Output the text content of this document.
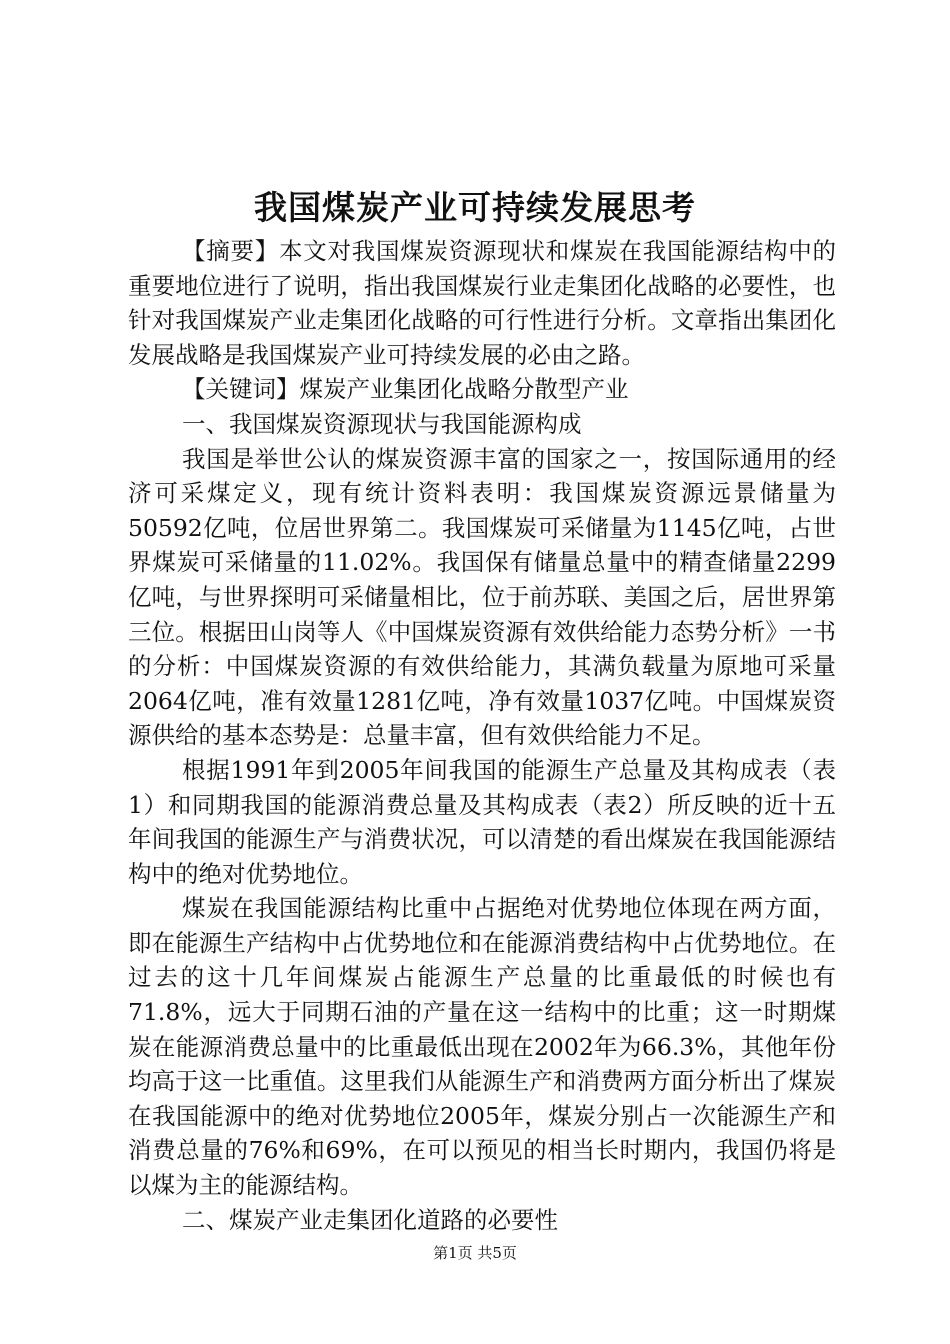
我国煤炭产业可持续发展思考

【摘要】本文对我国煤炭资源现状和煤炭在我国能源结构中的重要地位进行了说明，指出我国煤炭行业走集团化战略的必要性，也针对我国煤炭产业走集团化战略的可行性进行分析。文章指出集团化发展战略是我国煤炭产业可持续发展的必由之路。

【关键词】煤炭产业集团化战略分散型产业

一、我国煤炭资源现状与我国能源构成

我国是举世公认的煤炭资源丰富的国家之一，按国际通用的经济可采煤定义，现有统计资料表明：我国煤炭资源远景储量为50592亿吨，位居世界第二。我国煤炭可采储量为1145亿吨，占世界煤炭可采储量的11.02%。我国保有储量总量中的精查储量2299亿吨，与世界探明可采储量相比，位于前苏联、美国之后，居世界第三位。根据田山岗等人《中国煤炭资源有效供给能力态势分析》一书的分析：中国煤炭资源的有效供给能力，其满负载量为原地可采量2064亿吨，准有效量1281亿吨，净有效量1037亿吨。中国煤炭资源供给的基本态势是：总量丰富，但有效供给能力不足。

根据1991年到2005年间我国的能源生产总量及其构成表（表1）和同期我国的能源消费总量及其构成表（表2）所反映的近十五年间我国的能源生产与消费状况，可以清楚的看出煤炭在我国能源结构中的绝对优势地位。

煤炭在我国能源结构比重中占据绝对优势地位体现在两方面，即在能源生产结构中占优势地位和在能源消费结构中占优势地位。在过去的这十几年间煤炭占能源生产总量的比重最低的时候也有71.8%，远大于同期石油的产量在这一结构中的比重；这一时期煤炭在能源消费总量中的比重最低出现在2002年为66.3%，其他年份均高于这一比重值。这里我们从能源生产和消费两方面分析出了煤炭在我国能源中的绝对优势地位2005年，煤炭分别占一次能源生产和消费总量的76%和69%，在可以预见的相当长时期内，我国仍将是以煤为主的能源结构。

二、煤炭产业走集团化道路的必要性

第1页 共5页
